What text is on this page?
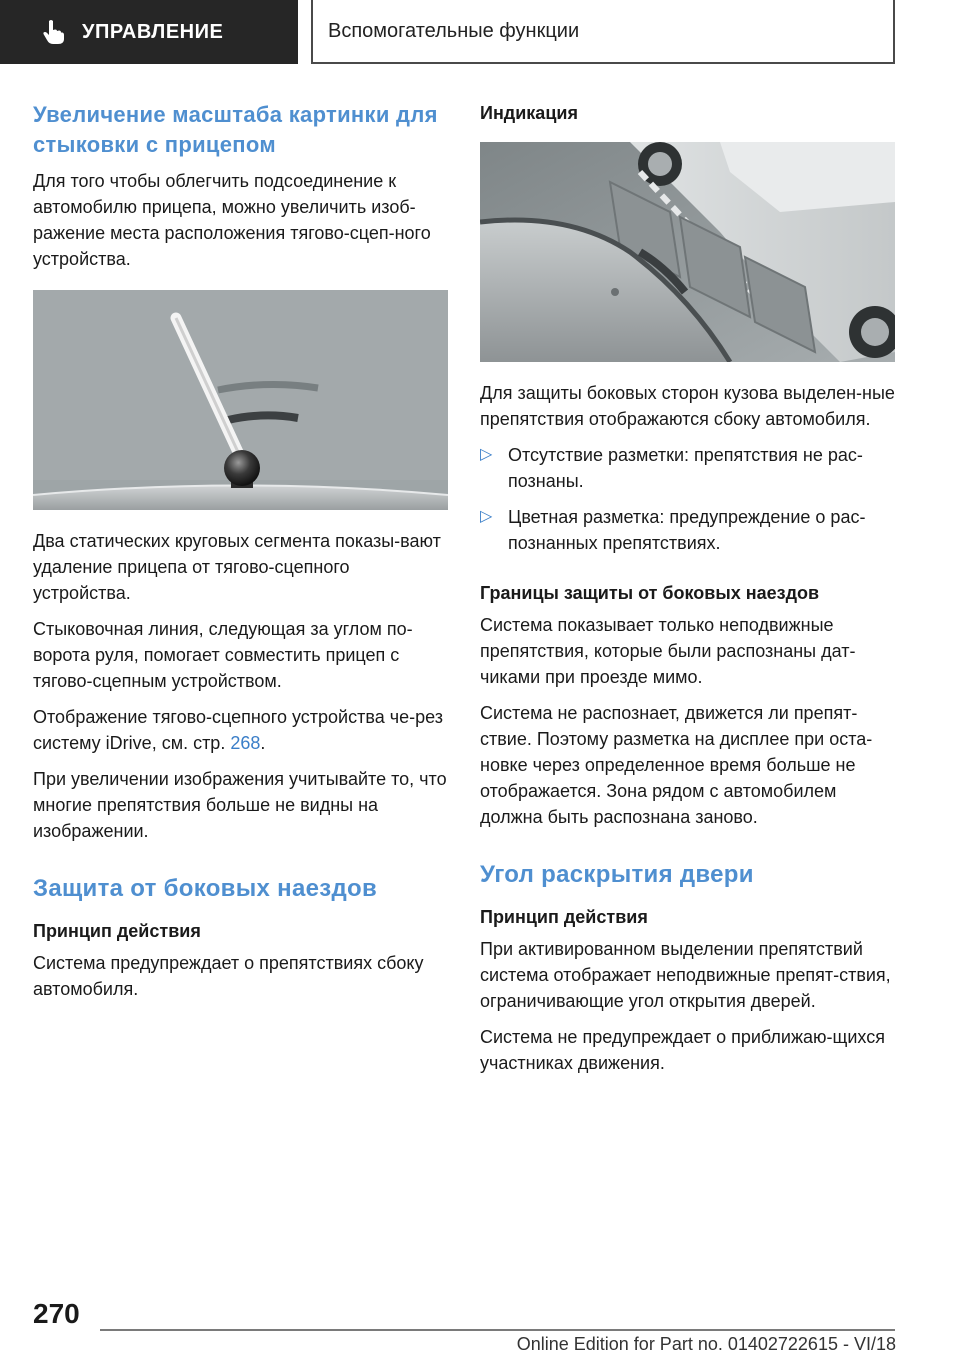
УПРАВЛЕНИЕ	Вспомогательные функции
Увеличение масштаба картинки для стыковки с прицепом

Для того чтобы облегчить подсоединение к автомобилю прицепа, можно увеличить изоб-ражение места расположения тягово-сцеп-ного устройства.

Два статических круговых сегмента показы-вают удаление прицепа от тягово-сцепного устройства.

Стыковочная линия, следующая за углом по-ворота руля, помогает совместить прицеп с тягово-сцепным устройством.

Отображение тягово-сцепного устройства че-рез систему iDrive, см. стр. 268.

При увеличении изображения учитывайте то, что многие препятствия больше не видны на изображении.

Защита от боковых наездов
Принцип действия

Система предупреждает о препятствиях сбоку автомобиля.

Индикация

Для защиты боковых сторон кузова выделен-ные препятствия отображаются сбоку автомобиля.

▷ Отсутствие разметки: препятствия не рас-познаны.
▷ Цветная разметка: предупреждение о рас-познанных препятствиях.
Границы защиты от боковых наездов

Система показывает только неподвижные препятствия, которые были распознаны дат-чиками при проезде мимо.

Система не распознает, движется ли препят-ствие. Поэтому разметка на дисплее при оста-новке через определенное время больше не отображается. Зона рядом с автомобилем должна быть распознана заново.

Угол раскрытия двери
Принцип действия

При активированном выделении препятствий система отображает неподвижные препят-ствия, ограничивающие угол открытия дверей.

Система не предупреждает о приближаю-щихся участниках движения.

270
Online Edition for Part no. 01402722615 - VI/18
